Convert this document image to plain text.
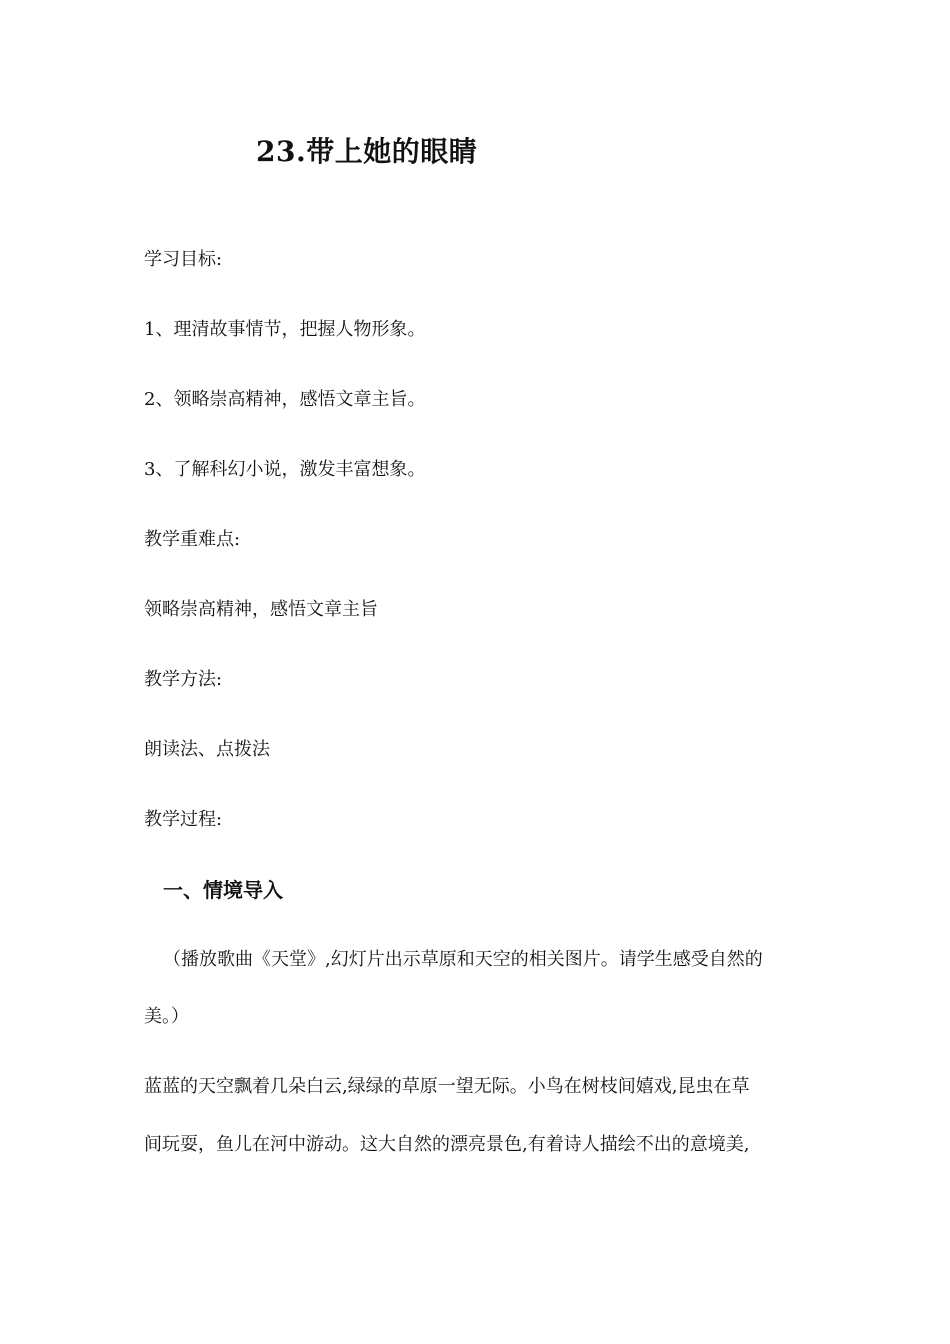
23.带上她的眼睛
学习目标:
1、理清故事情节，把握人物形象。
2、领略崇高精神，感悟文章主旨。
3、了解科幻小说，激发丰富想象。
教学重难点:
领略崇高精神，感悟文章主旨
教学方法:
朗读法、点拨法
教学过程:
一、情境导入
（播放歌曲《天堂》,幻灯片出示草原和天空的相关图片。请学生感受自然的
美。）
蓝蓝的天空飘着几朵白云,绿绿的草原一望无际。小鸟在树枝间嬉戏,昆虫在草
间玩耍，鱼儿在河中游动。这大自然的漂亮景色,有着诗人描绘不出的意境美,
